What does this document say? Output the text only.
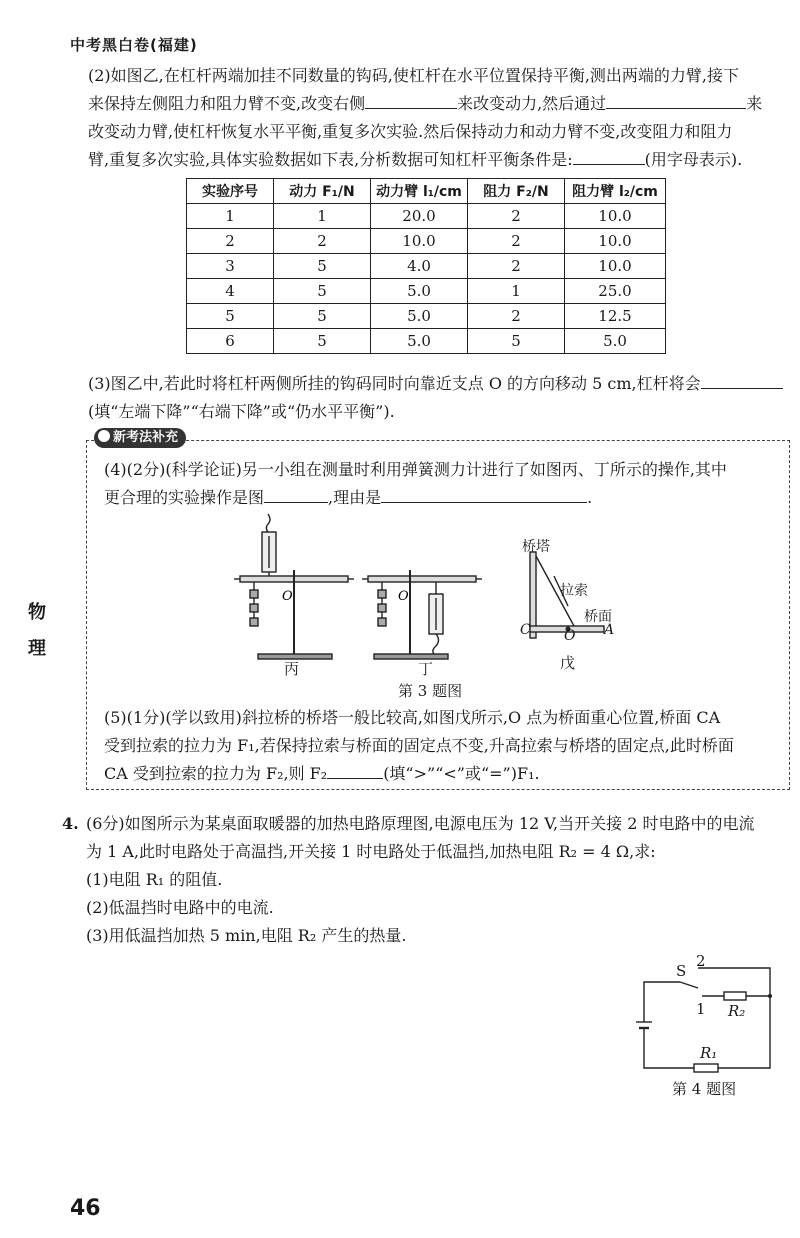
中考黑白卷(福建)
(2)如图乙,在杠杆两端加挂不同数量的钩码,使杠杆在水平位置保持平衡,测出两端的力臂,接下
来保持左侧阻力和阻力臂不变,改变右侧	来改变动力,然后通过	来
改变动力臂,使杠杆恢复水平平衡,重复多次实验.然后保持动力和动力臂不变,改变阻力和阻力
臂,重复多次实验,具体实验数据如下表,分析数据可知杠杆平衡条件是:	(用字母表示).
实验序号	动力 F₁/N	动力臂 l₁/cm	阻力 F₂/N	阻力臂 l₂/cm
1	1	20.0	2	10.0
2	2	10.0	2	10.0
3	5	4.0	2	10.0
4	5	5.0	1	25.0
5	5	5.0	2	12.5
6	5	5.0	5	5.0
(3)图乙中,若此时将杠杆两侧所挂的钩码同时向靠近支点 O 的方向移动 5 cm,杠杆将会
(填“左端下降”“右端下降”或“仍水平平衡”).
新考法补充
(4)(2分)(科学论证)另一小组在测量时利用弹簧测力计进行了如图丙、丁所示的操作,其中
更合理的实验操作是图	,理由是	.
O
丙
O
丁
桥塔
拉索
桥面
C O A
戊
第 3 题图
(5)(1分)(学以致用)斜拉桥的桥塔一般比较高,如图戊所示,O 点为桥面重心位置,桥面 CA
受到拉索的拉力为 F₁,若保持拉索与桥面的固定点不变,升高拉索与桥塔的固定点,此时桥面
CA 受到拉索的拉力为 F₂,则 F₂	(填“>”“<”或“=”)F₁.
物
理
4. (6分)如图所示为某桌面取暖器的加热电路原理图,电源电压为 12 V,当开关接 2 时电路中的电流
为 1 A,此时电路处于高温挡,开关接 1 时电路处于低温挡,加热电阻 R₂ = 4 Ω,求:
(1)电阻 R₁ 的阻值.
(2)低温挡时电路中的电流.
(3)用低温挡加热 5 min,电阻 R₂ 产生的热量.
S
2
1 R₂
R₁
第 4 题图
46
